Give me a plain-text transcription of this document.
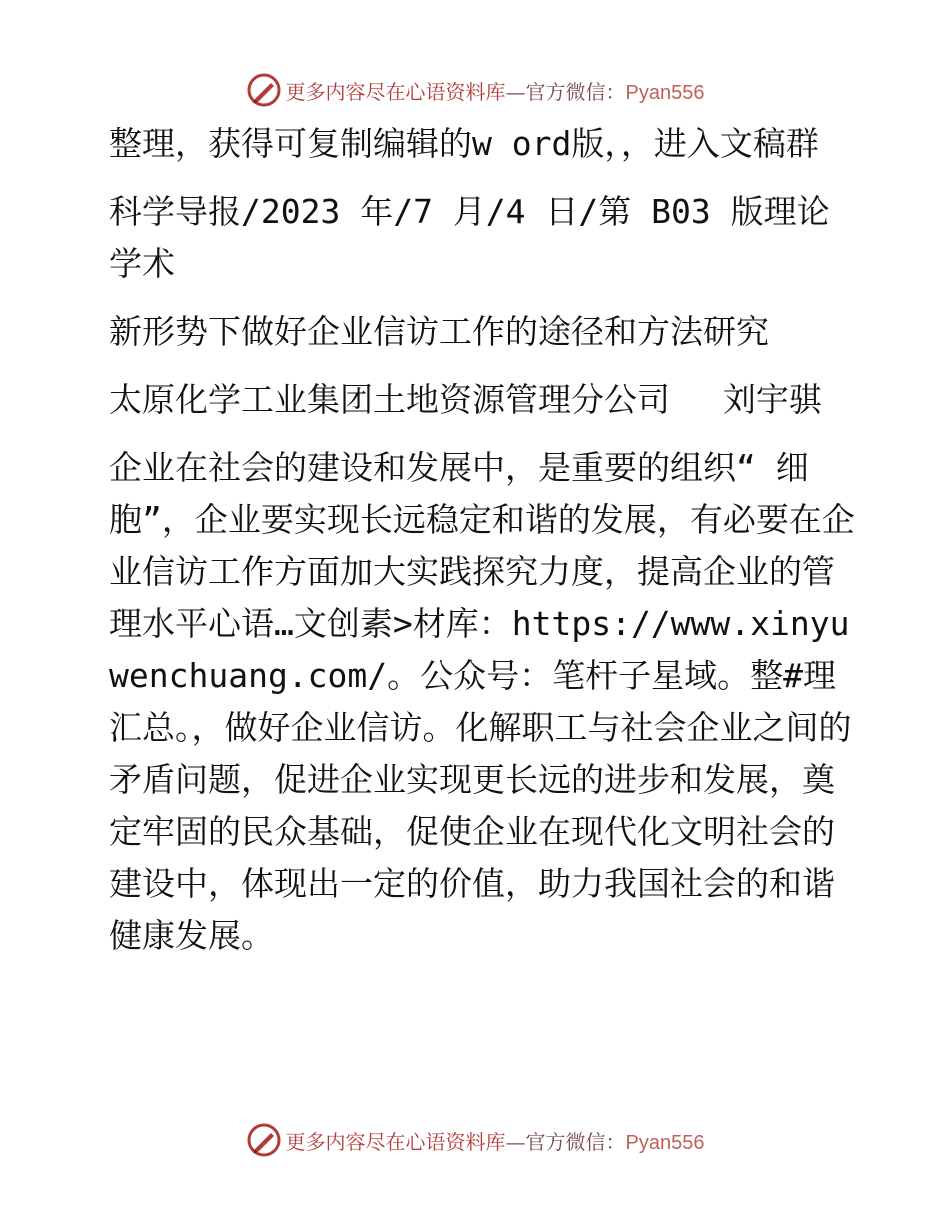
更多内容尽在心语资料库—官方微信：Pyan556

整理，获得可复制编辑的w ord版，，进入文稿群

科学导报/2023 年/7 月/4 日/第 B03 版理论学术

新形势下做好企业信访工作的途径和方法研究

太原化学工业集团土地资源管理分公司　 刘宇骐

企业在社会的建设和发展中，是重要的组织“ 细胞”，企业要实现长远稳定和谐的发展，有必要在企业信访工作方面加大实践探究力度，提高企业的管理水平心语…文创素>材库：https://www.xinyuwenchuang.com/。公众号：笔杆子星域。整#理汇总。，做好企业信访。化解职工与社会企业之间的矛盾问题，促进企业实现更长远的进步和发展，奠定牢固的民众基础，促使企业在现代化文明社会的建设中，体现出一定的价值，助力我国社会的和谐健康发展。

更多内容尽在心语资料库—官方微信：Pyan556
